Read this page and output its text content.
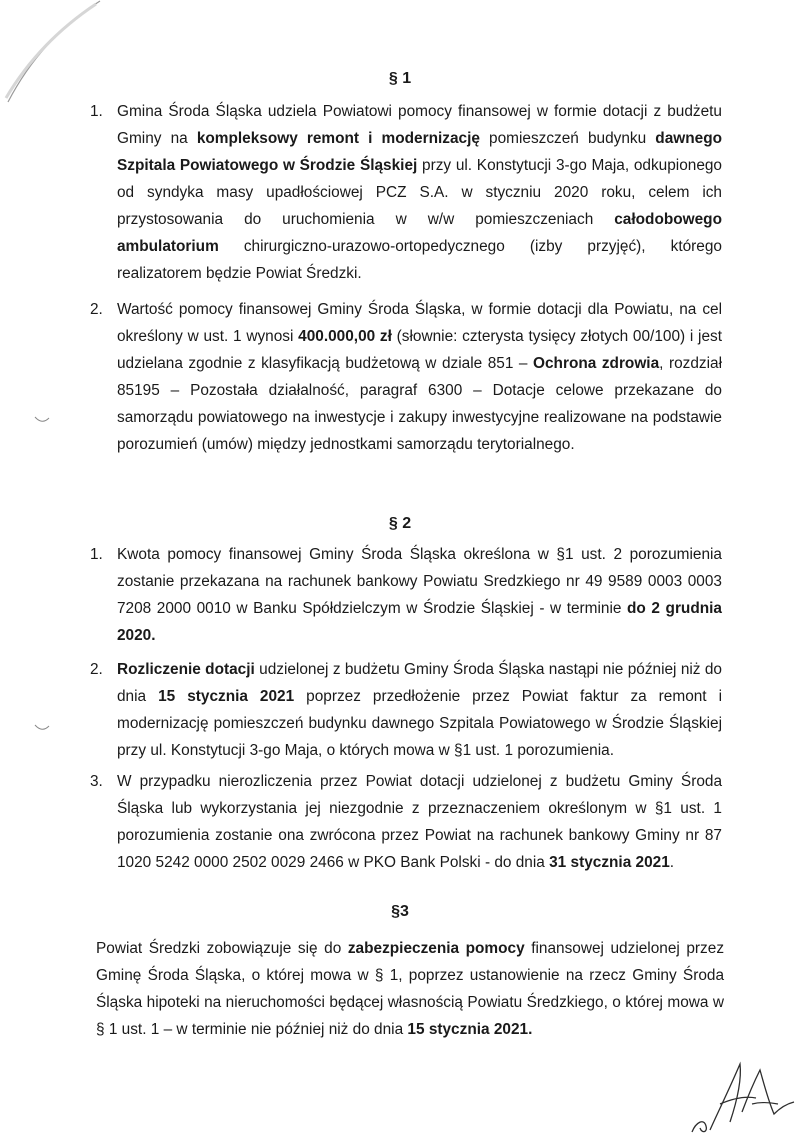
§ 1
1. Gmina Środa Śląska udziela Powiatowi pomocy finansowej w formie dotacji z budżetu Gminy na kompleksowy remont i modernizację pomieszczeń budynku dawnego Szpitala Powiatowego w Środzie Śląskiej przy ul. Konstytucji 3-go Maja, odkupionego od syndyka masy upadłościowej PCZ S.A. w styczniu 2020 roku, celem ich przystosowania do uruchomienia w w/w pomieszczeniach całodobowego ambulatorium chirurgiczno-urazowo-ortopedycznego (izby przyjęć), którego realizatorem będzie Powiat Średzki.
2. Wartość pomocy finansowej Gminy Środa Śląska, w formie dotacji dla Powiatu, na cel określony w ust. 1 wynosi 400.000,00 zł (słownie: czterysta tysięcy złotych 00/100) i jest udzielana zgodnie z klasyfikacją budżetową w dziale 851 – Ochrona zdrowia, rozdział 85195 – Pozostała działalność, paragraf 6300 – Dotacje celowe przekazane do samorządu powiatowego na inwestycje i zakupy inwestycyjne realizowane na podstawie porozumień (umów) między jednostkami samorządu terytorialnego.
§ 2
1. Kwota pomocy finansowej Gminy Środa Śląska określona w §1 ust. 2 porozumienia zostanie przekazana na rachunek bankowy Powiatu Sredzkiego nr 49 9589 0003 0003 7208 2000 0010 w Banku Spółdzielczym w Środzie Śląskiej - w terminie do 2 grudnia 2020.
2. Rozliczenie dotacji udzielonej z budżetu Gminy Środa Śląska nastąpi nie później niż do dnia 15 stycznia 2021 poprzez przedłożenie przez Powiat faktur za remont i modernizację pomieszczeń budynku dawnego Szpitala Powiatowego w Środzie Śląskiej przy ul. Konstytucji 3-go Maja, o których mowa w §1 ust. 1 porozumienia.
3. W przypadku nierozliczenia przez Powiat dotacji udzielonej z budżetu Gminy Środa Śląska lub wykorzystania jej niezgodnie z przeznaczeniem określonym w §1 ust. 1 porozumienia zostanie ona zwrócona przez Powiat na rachunek bankowy Gminy nr 87 1020 5242 0000 2502 0029 2466 w PKO Bank Polski - do dnia 31 stycznia 2021.
§3
Powiat Średzki zobowiązuje się do zabezpieczenia pomocy finansowej udzielonej przez Gminę Środa Śląska, o której mowa w § 1, poprzez ustanowienie na rzecz Gminy Środa Śląska hipoteki na nieruchomości będącej własnością Powiatu Średzkiego, o której mowa w § 1 ust. 1 – w terminie nie później niż do dnia 15 stycznia 2021.
